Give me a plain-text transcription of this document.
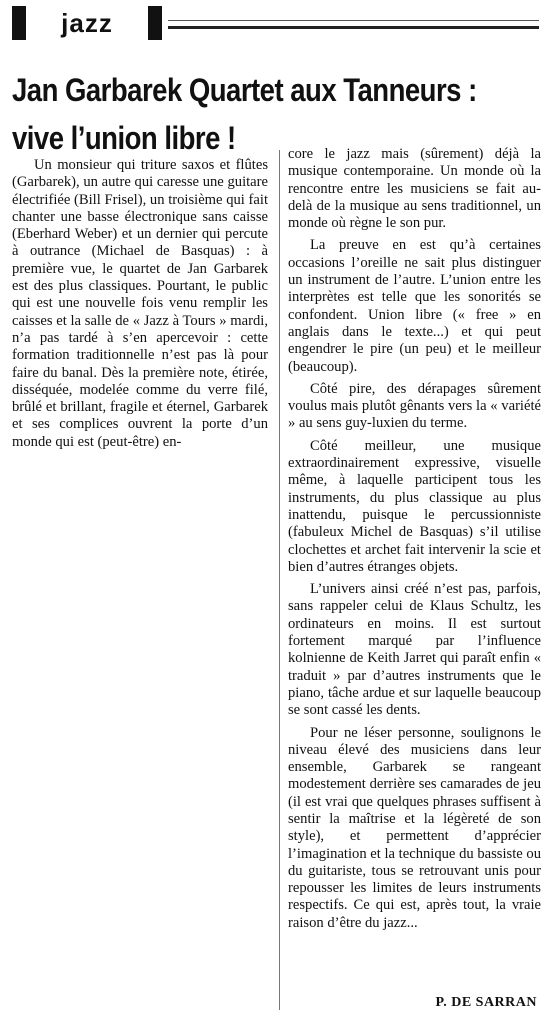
jazz
Jan Garbarek Quartet aux Tanneurs :
vive l’union libre !

Un monsieur qui triture saxos et flûtes (Garbarek), un autre qui caresse une guitare électrifiée (Bill Frisel), un troisième qui fait chanter une basse électronique sans caisse (Eberhard Weber) et un dernier qui percute à outrance (Michael de Basquas) : à première vue, le quartet de Jan Garbarek est des plus classiques. Pourtant, le public qui est une nouvelle fois venu remplir les caisses et la salle de « Jazz à Tours » mardi, n’a pas tardé à s’en apercevoir : cette formation traditionnelle n’est pas là pour faire du banal. Dès la première note, étirée, disséquée, modelée comme du verre filé, brûlé et brillant, fragile et éternel, Garbarek et ses complices ouvrent la porte d’un monde qui est (peut-être) en-

core le jazz mais (sûrement) déjà la musique contemporaine. Un monde où la rencontre entre les musiciens se fait au-delà de la musique au sens traditionnel, un monde où règne le son pur.

La preuve en est qu’à certaines occasions l’oreille ne sait plus distinguer un instrument de l’autre. L’union entre les interprètes est telle que les sonorités se confondent. Union libre (« free » en anglais dans le texte...) et qui peut engendrer le pire (un peu) et le meilleur (beaucoup).

Côté pire, des dérapages sûrement voulus mais plutôt gênants vers la « variété » au sens guy-luxien du terme.

Côté meilleur, une musique extraordinairement expressive, visuelle même, à laquelle participent tous les instruments, du plus classique au plus inattendu, puisque le percussionniste (fabuleux Michel de Basquas) s’il utilise clochettes et archet fait intervenir la scie et bien d’autres étranges objets.

L’univers ainsi créé n’est pas, parfois, sans rappeler celui de Klaus Schultz, les ordinateurs en moins. Il est surtout fortement marqué par l’influence kolnienne de Keith Jarret qui paraît enfin « traduit » par d’autres instruments que le piano, tâche ardue et sur laquelle beaucoup se sont cassé les dents.

Pour ne léser personne, soulignons le niveau élevé des musiciens dans leur ensemble, Garbarek se rangeant modestement derrière ses camarades de jeu (il est vrai que quelques phrases suffisent à sentir la maîtrise et la légèreté de son style), et permettent d’apprécier l’imagination et la technique du bassiste ou du guitariste, tous se retrouvant unis pour repousser les limites de leurs instruments respectifs. Ce qui est, après tout, la vraie raison d’être du jazz...

P. DE SARRAN
